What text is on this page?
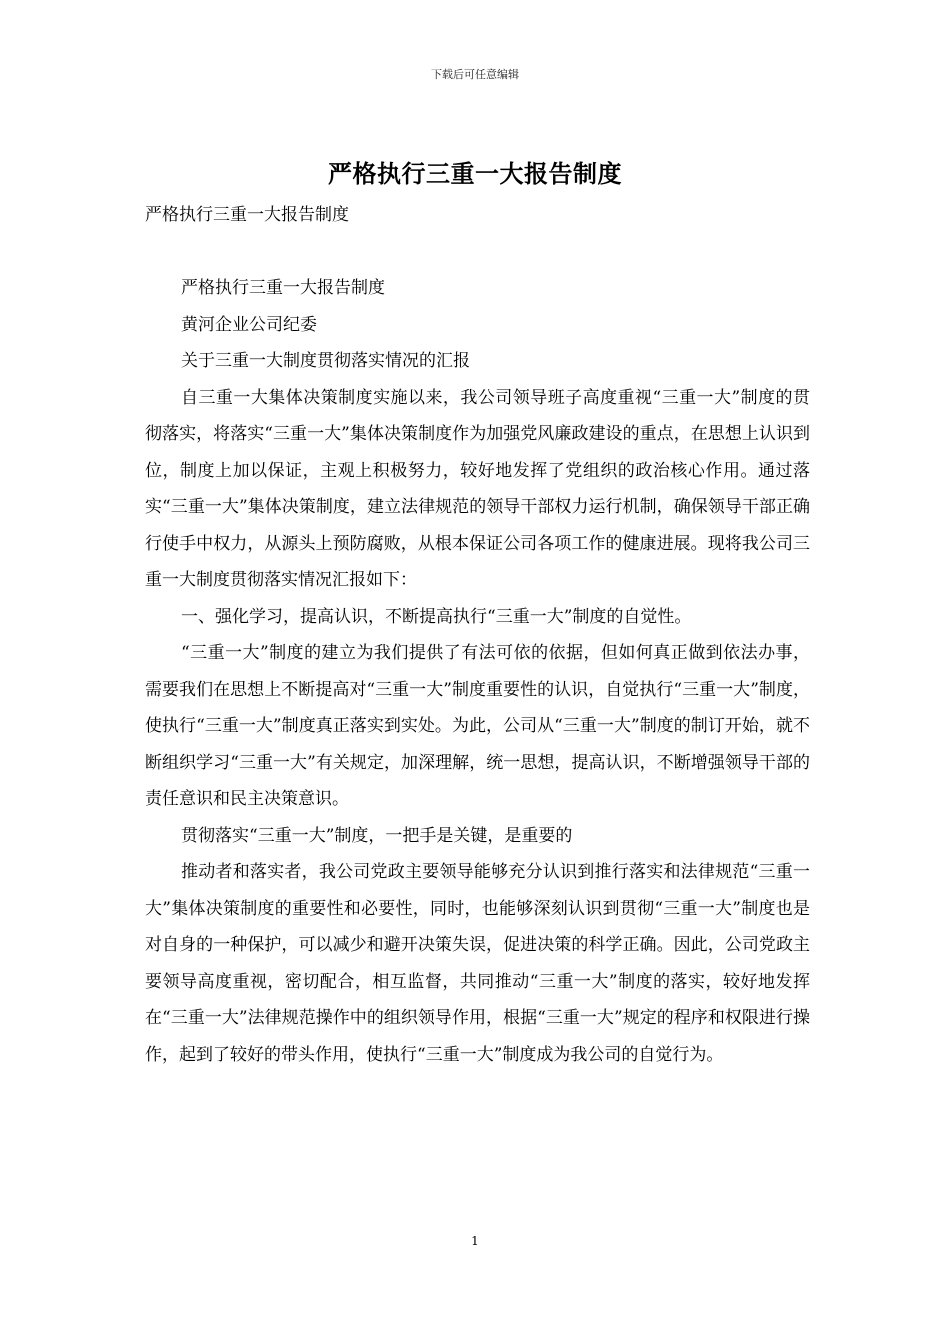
下载后可任意编辑
严格执行三重一大报告制度
严格执行三重一大报告制度

严格执行三重一大报告制度

黄河企业公司纪委

关于三重一大制度贯彻落实情况的汇报

自三重一大集体决策制度实施以来，我公司领导班子高度重视“三重一大”制度的贯彻落实，将落实“三重一大”集体决策制度作为加强党风廉政建设的重点，在思想上认识到位，制度上加以保证，主观上积极努力，较好地发挥了党组织的政治核心作用。通过落实“三重一大”集体决策制度，建立法律规范的领导干部权力运行机制，确保领导干部正确行使手中权力，从源头上预防腐败，从根本保证公司各项工作的健康进展。现将我公司三重一大制度贯彻落实情况汇报如下：

一、强化学习，提高认识，不断提高执行“三重一大”制度的自觉性。

“三重一大”制度的建立为我们提供了有法可依的依据，但如何真正做到依法办事，需要我们在思想上不断提高对“三重一大”制度重要性的认识，自觉执行“三重一大”制度，使执行“三重一大”制度真正落实到实处。为此，公司从“三重一大”制度的制订开始，就不断组织学习“三重一大”有关规定，加深理解，统一思想，提高认识，不断增强领导干部的责任意识和民主决策意识。

贯彻落实“三重一大”制度，一把手是关键，是重要的

推动者和落实者，我公司党政主要领导能够充分认识到推行落实和法律规范“三重一大”集体决策制度的重要性和必要性，同时，也能够深刻认识到贯彻“三重一大”制度也是对自身的一种保护，可以减少和避开决策失误，促进决策的科学正确。因此，公司党政主要领导高度重视，密切配合，相互监督，共同推动“三重一大”制度的落实，较好地发挥在“三重一大”法律规范操作中的组织领导作用，根据“三重一大”规定的程序和权限进行操作，起到了较好的带头作用，使执行“三重一大”制度成为我公司的自觉行为。

1
